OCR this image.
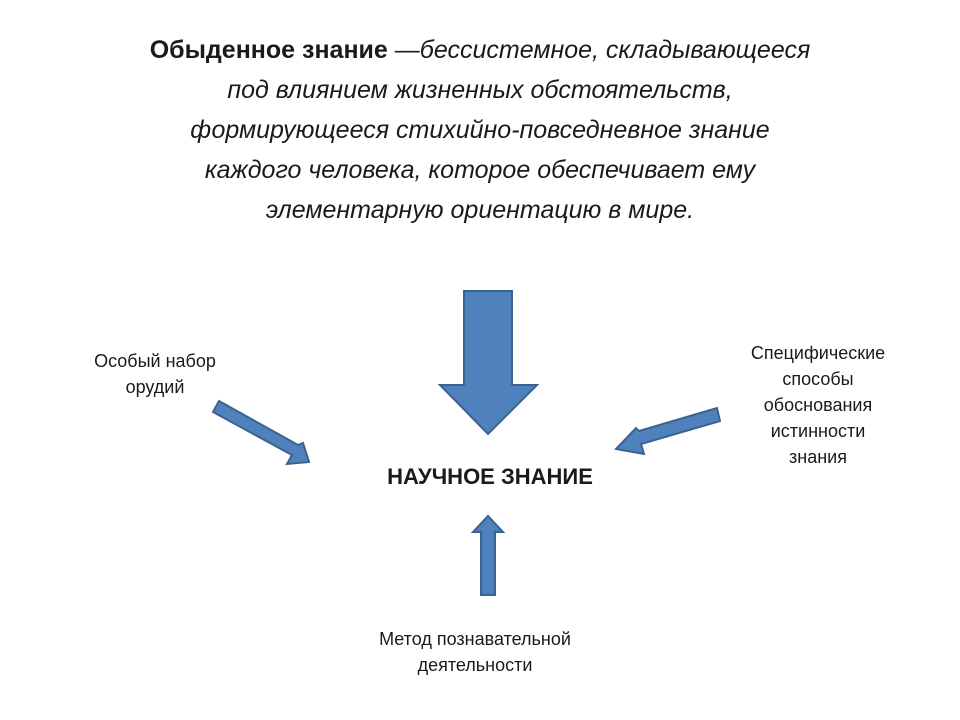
Обыденное знание —бессистемное, складывающееся
под влиянием жизненных обстоятельств,
формирующееся стихийно-повседневное знание
каждого человека, которое обеспечивает ему
элементарную ориентацию в мире.
Особый набор
орудий
Специфические
способы
обоснования
истинности
знания
НАУЧНОЕ ЗНАНИЕ
Метод познавательной
деятельности
